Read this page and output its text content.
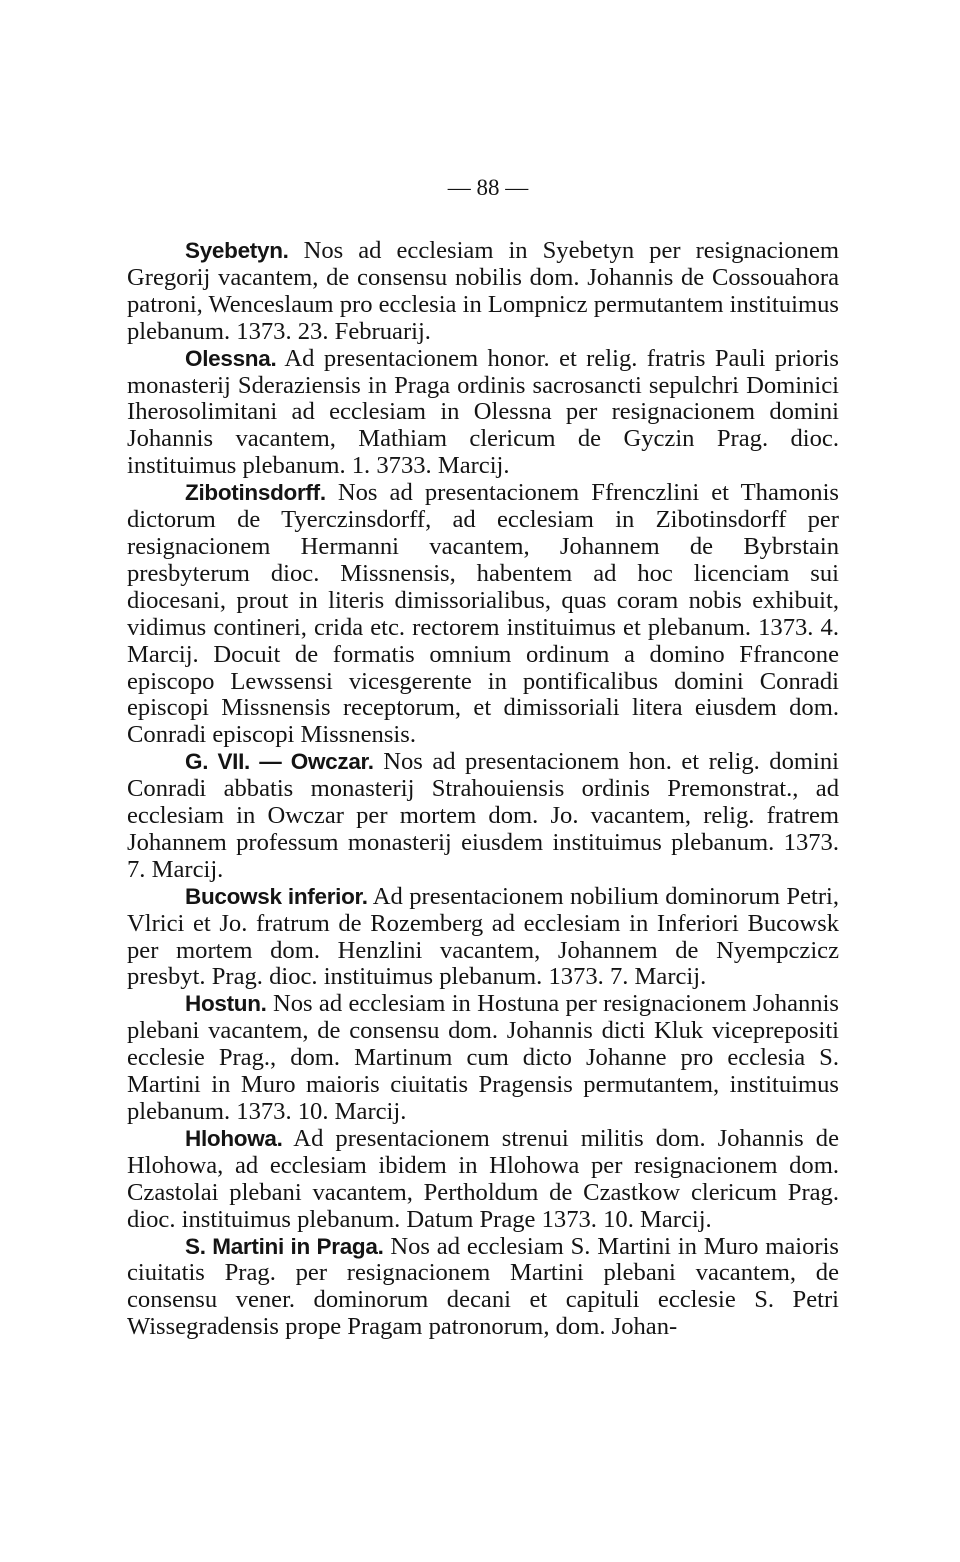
— 88 —

Syebetyn. Nos ad ecclesiam in Syebetyn per resignacionem Gregorij vacantem, de consensu nobilis dom. Johannis de Cossouahora patroni, Wenceslaum pro ecclesia in Lompnicz permutantem instituimus plebanum. 1373. 23. Februarij.

Olessna. Ad presentacionem honor. et relig. fratris Pauli prioris monasterij Sderaziensis in Praga ordinis sacrosancti sepulchri Dominici Iherosolimitani ad ecclesiam in Olessna per resignacionem domini Johannis vacantem, Mathiam clericum de Gyczin Prag. dioc. instituimus plebanum. 1. 3733. Marcij.

Zibotinsdorff. Nos ad presentacionem Ffrenczlini et Thamonis dictorum de Tyerczinsdorff, ad ecclesiam in Zibotinsdorff per resignacionem Hermanni vacantem, Johannem de Bybrstain presbyterum dioc. Missnensis, habentem ad hoc licenciam sui diocesani, prout in literis dimissorialibus, quas coram nobis exhibuit, vidimus contineri, crida etc. rectorem instituimus et plebanum. 1373. 4. Marcij. Docuit de formatis omnium ordinum a domino Ffrancone episcopo Lewssensi vicesgerente in pontificalibus domini Conradi episcopi Missnensis receptorum, et dimissoriali litera eiusdem dom. Conradi episcopi Missnensis.

G. VII. — Owczar. Nos ad presentacionem hon. et relig. domini Conradi abbatis monasterij Strahouiensis ordinis Premonstrat., ad ecclesiam in Owczar per mortem dom. Jo. vacantem, relig. fratrem Johannem professum monasterij eiusdem instituimus plebanum. 1373. 7. Marcij.

Bucowsk inferior. Ad presentacionem nobilium dominorum Petri, Vlrici et Jo. fratrum de Rozemberg ad ecclesiam in Inferiori Bucowsk per mortem dom. Henzlini vacantem, Johannem de Nyempczicz presbyt. Prag. dioc. instituimus plebanum. 1373. 7. Marcij.

Hostun. Nos ad ecclesiam in Hostuna per resignacionem Johannis plebani vacantem, de consensu dom. Johannis dicti Kluk viceprepositi ecclesie Prag., dom. Martinum cum dicto Johanne pro ecclesia S. Martini in Muro maioris ciuitatis Pragensis permutantem, instituimus plebanum. 1373. 10. Marcij.

Hlohowa. Ad presentacionem strenui militis dom. Johannis de Hlohowa, ad ecclesiam ibidem in Hlohowa per resignacionem dom. Czastolai plebani vacantem, Pertholdum de Czastkow clericum Prag. dioc. instituimus plebanum. Datum Prage 1373. 10. Marcij.

S. Martini in Praga. Nos ad ecclesiam S. Martini in Muro maioris ciuitatis Prag. per resignacionem Martini plebani vacantem, de consensu vener. dominorum decani et capituli ecclesie S. Petri Wissegradensis prope Pragam patronorum, dom. Johan-
